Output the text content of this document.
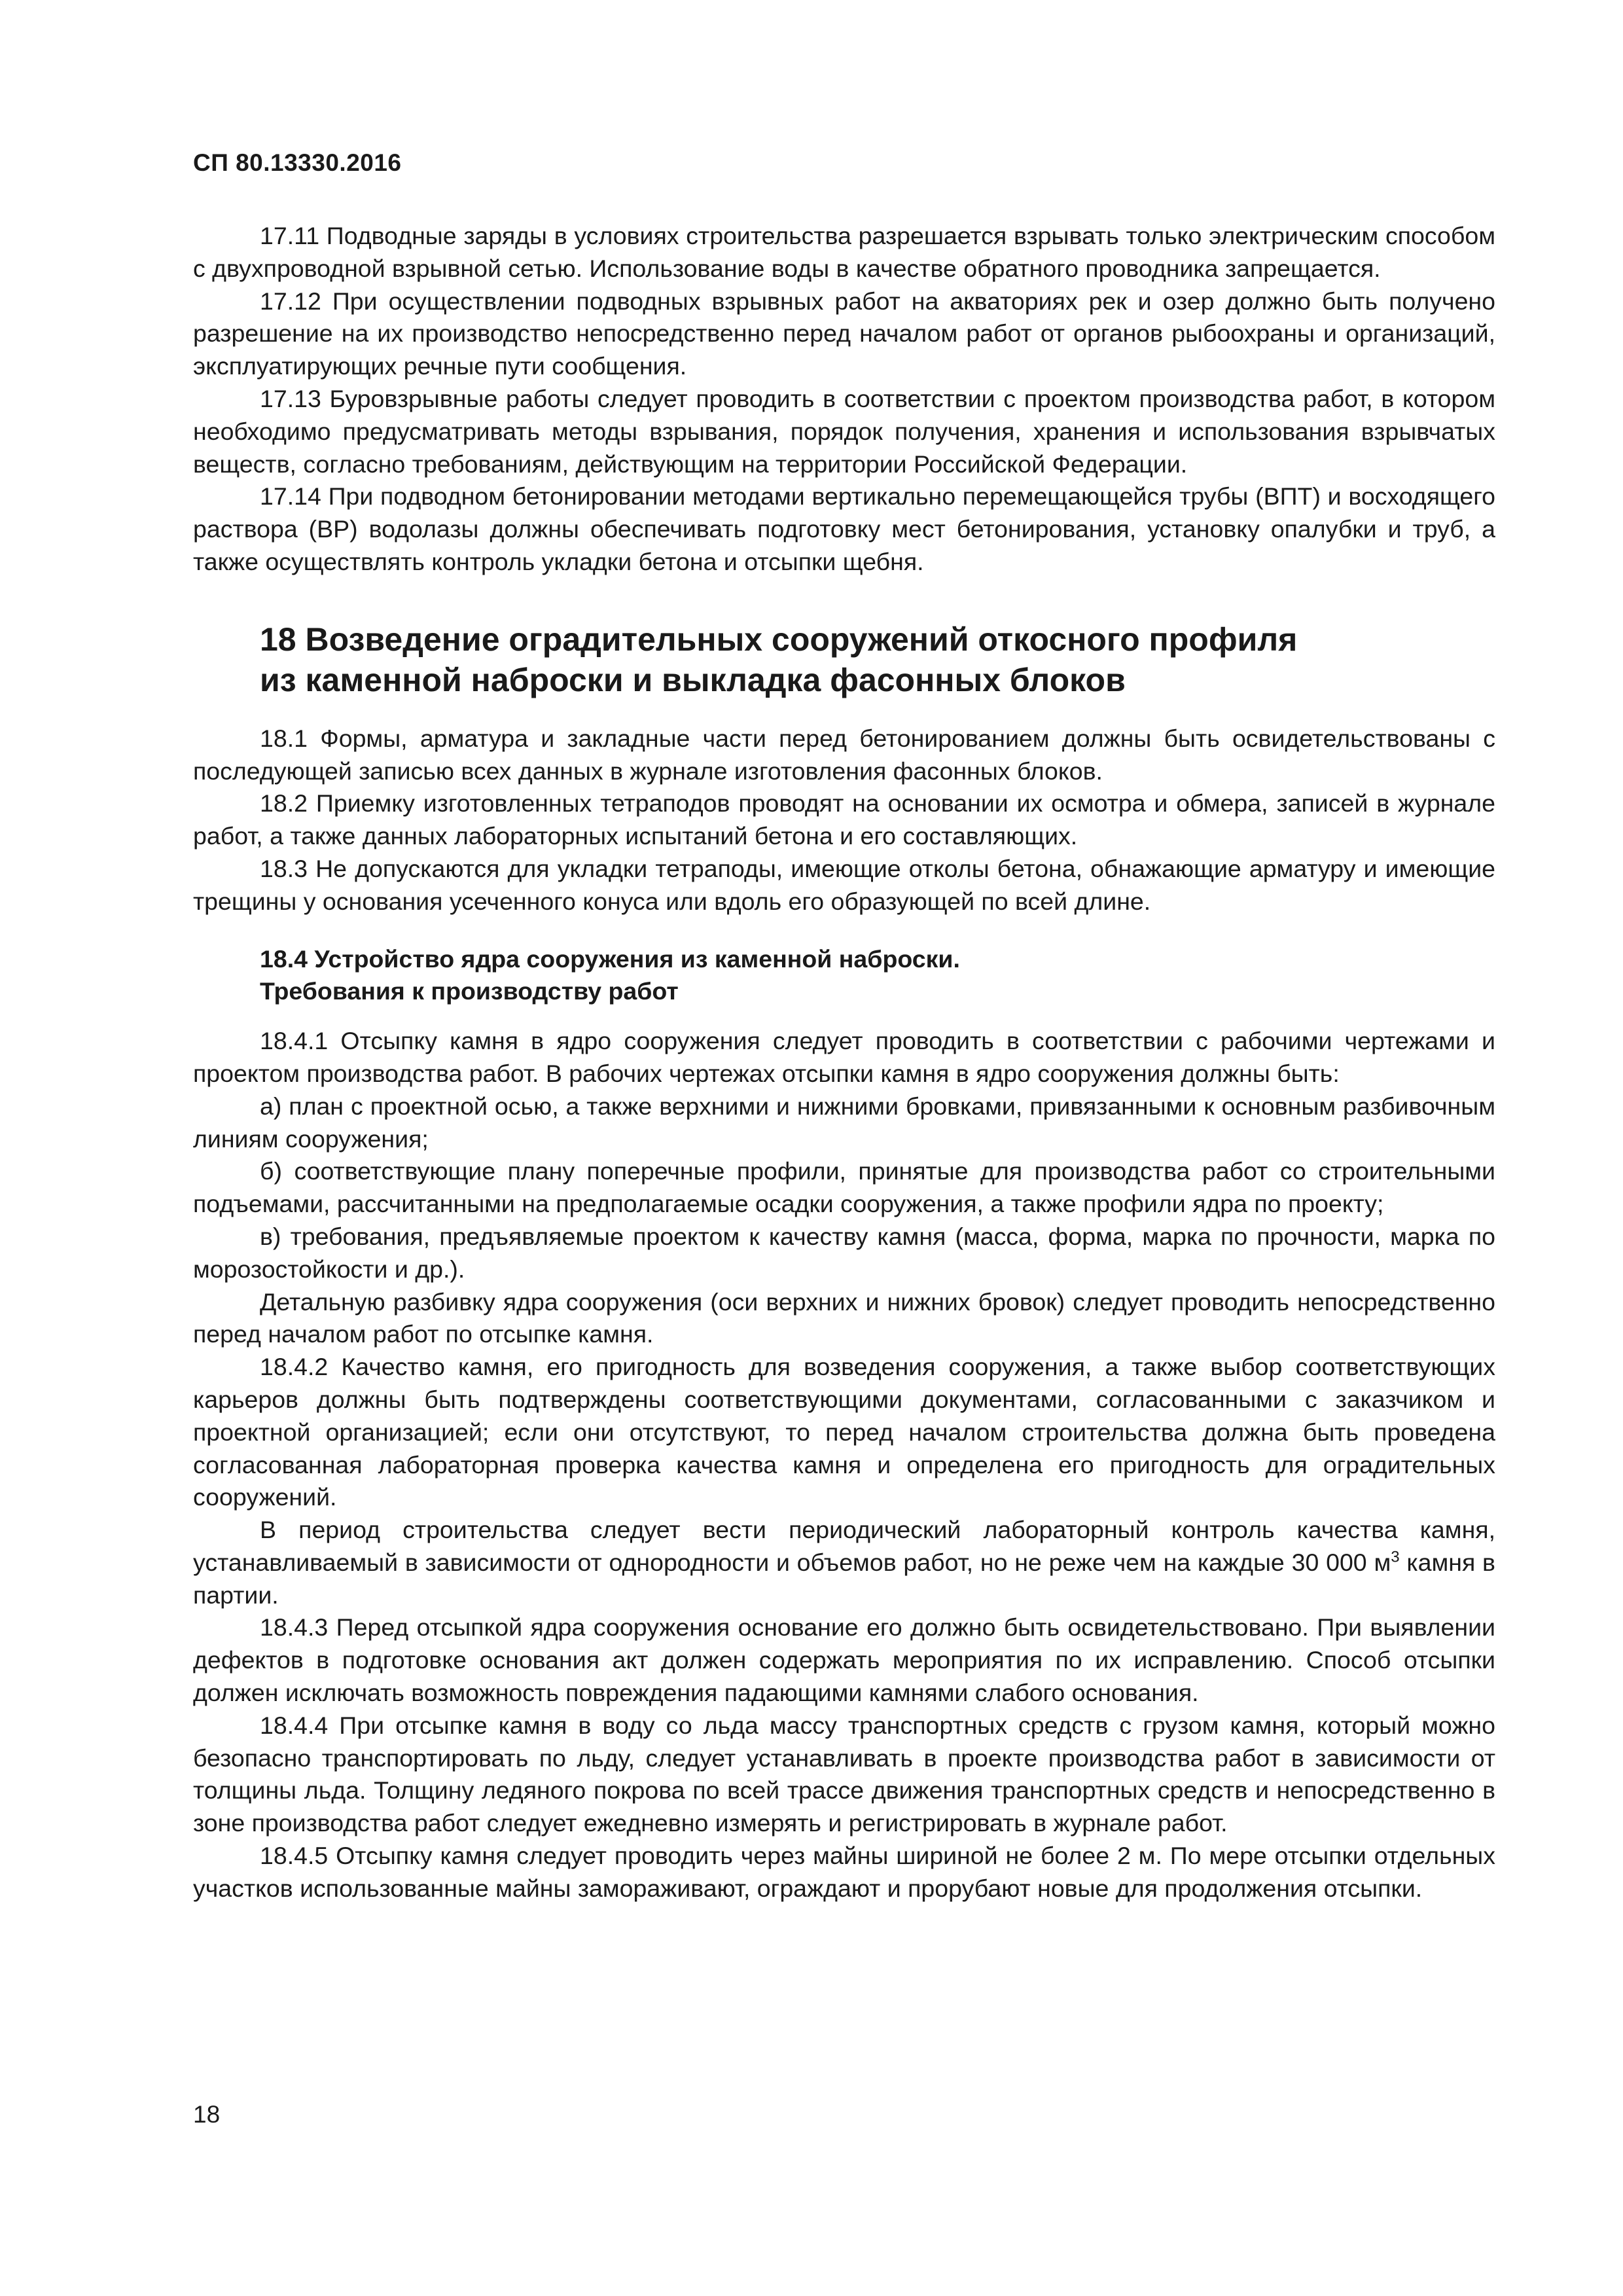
СП 80.13330.2016

17.11 Подводные заряды в условиях строительства разрешается взрывать только электрическим способом с двухпроводной взрывной сетью. Использование воды в качестве обратного проводника запрещается.

17.12 При осуществлении подводных взрывных работ на акваториях рек и озер должно быть получено разрешение на их производство непосредственно перед началом работ от органов рыбоохраны и организаций, эксплуатирующих речные пути сообщения.

17.13 Буровзрывные работы следует проводить в соответствии с проектом производства работ, в котором необходимо предусматривать методы взрывания, порядок получения, хранения и использования взрывчатых веществ, согласно требованиям, действующим на территории Российской Федерации.

17.14 При подводном бетонировании методами вертикально перемещающейся трубы (ВПТ) и восходящего раствора (ВР) водолазы должны обеспечивать подготовку мест бетонирования, установку опалубки и труб, а также осуществлять контроль укладки бетона и отсыпки щебня.

18 Возведение оградительных сооружений откосного профиля
из каменной наброски и выкладка фасонных блоков

18.1 Формы, арматура и закладные части перед бетонированием должны быть освидетельствованы с последующей записью всех данных в журнале изготовления фасонных блоков.

18.2 Приемку изготовленных тетраподов проводят на основании их осмотра и обмера, записей в журнале работ, а также данных лабораторных испытаний бетона и его составляющих.

18.3 Не допускаются для укладки тетраподы, имеющие отколы бетона, обнажающие арматуру и имеющие трещины у основания усеченного конуса или вдоль его образующей по всей длине.

18.4 Устройство ядра сооружения из каменной наброски.
Требования к производству работ

18.4.1 Отсыпку камня в ядро сооружения следует проводить в соответствии с рабочими чертежами и проектом производства работ. В рабочих чертежах отсыпки камня в ядро сооружения должны быть:

а) план с проектной осью, а также верхними и нижними бровками, привязанными к основным разбивочным линиям сооружения;

б) соответствующие плану поперечные профили, принятые для производства работ со строительными подъемами, рассчитанными на предполагаемые осадки сооружения, а также профили ядра по проекту;

в) требования, предъявляемые проектом к качеству камня (масса, форма, марка по прочности, марка по морозостойкости и др.).

Детальную разбивку ядра сооружения (оси верхних и нижних бровок) следует проводить непосредственно перед началом работ по отсыпке камня.

18.4.2 Качество камня, его пригодность для возведения сооружения, а также выбор соответствующих карьеров должны быть подтверждены соответствующими документами, согласованными с заказчиком и проектной организацией; если они отсутствуют, то перед началом строительства должна быть проведена согласованная лабораторная проверка качества камня и определена его пригодность для оградительных сооружений.

В период строительства следует вести периодический лабораторный контроль качества камня, устанавливаемый в зависимости от однородности и объемов работ, но не реже чем на каждые 30 000 $м^3$ камня в партии.

18.4.3 Перед отсыпкой ядра сооружения основание его должно быть освидетельствовано. При выявлении дефектов в подготовке основания акт должен содержать мероприятия по их исправлению. Способ отсыпки должен исключать возможность повреждения падающими камнями слабого основания.

18.4.4 При отсыпке камня в воду со льда массу транспортных средств с грузом камня, который можно безопасно транспортировать по льду, следует устанавливать в проекте производства работ в зависимости от толщины льда. Толщину ледяного покрова по всей трассе движения транспортных средств и непосредственно в зоне производства работ следует ежедневно измерять и регистрировать в журнале работ.

18.4.5 Отсыпку камня следует проводить через майны шириной не более 2 м. По мере отсыпки отдельных участков использованные майны замораживают, ограждают и прорубают новые для продолжения отсыпки.

18
